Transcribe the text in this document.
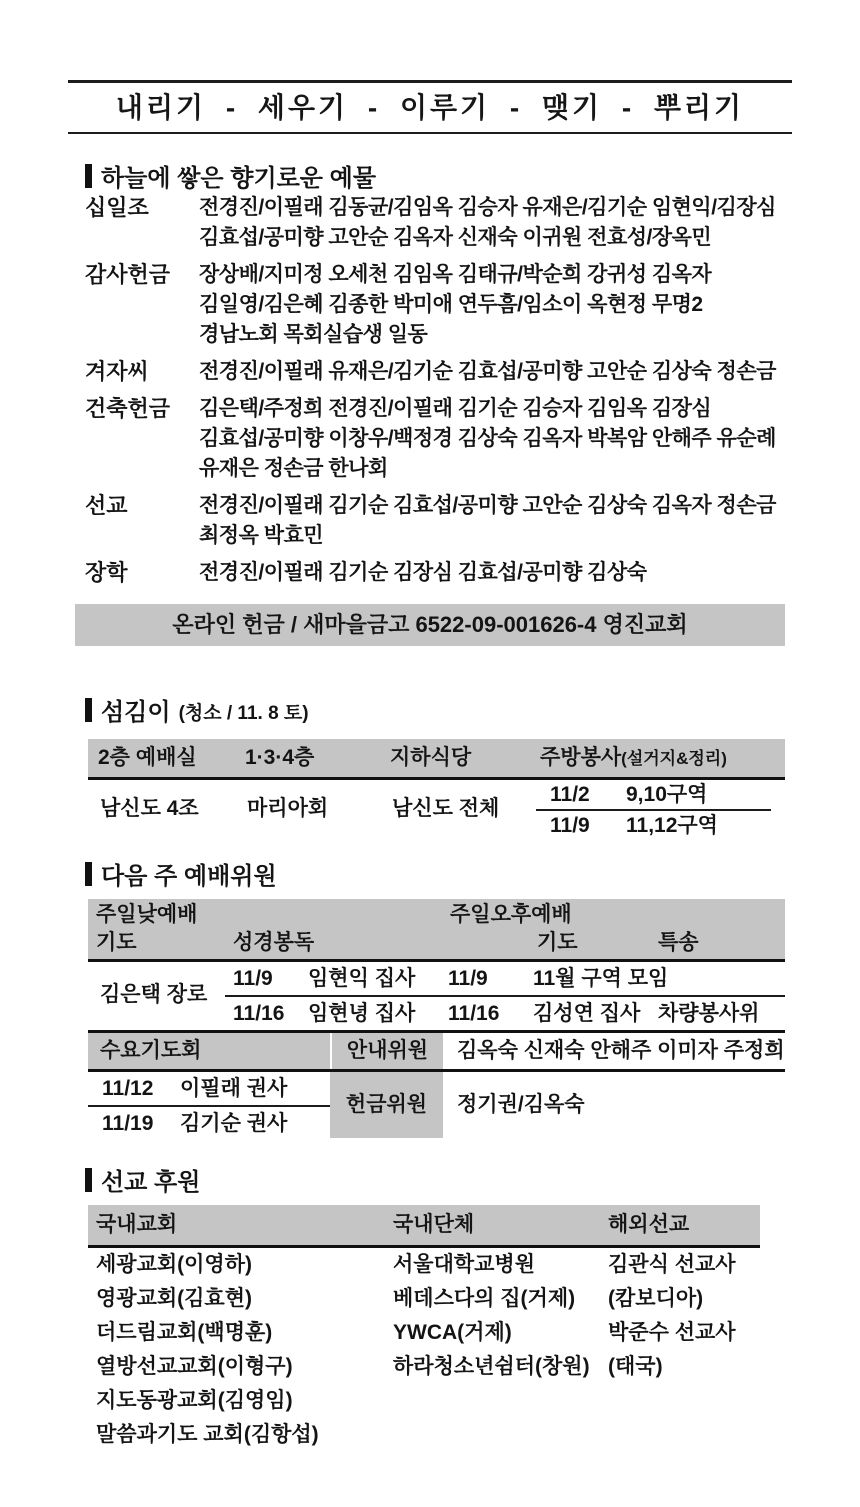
내리기 - 세우기 - 이루기 - 맺기 - 뿌리기
하늘에 쌓은 향기로운 예물
십일조	전경진/이필래 김동균/김임옥 김승자 유재은/김기순 임현익/김장심
김효섭/공미향 고안순 김옥자 신재숙 이귀원 전효성/장옥민
감사헌금	장상배/지미정 오세천 김임옥 김태규/박순희 강귀성 김옥자
김일영/김은혜 김종한 박미애 연두흠/임소이 옥현정 무명2
경남노회 목회실습생 일동
겨자씨	전경진/이필래 유재은/김기순 김효섭/공미향 고안순 김상숙 정손금
건축헌금	김은택/주정희 전경진/이필래 김기순 김승자 김임옥 김장심
김효섭/공미향 이창우/백정경 김상숙 김옥자 박복암 안해주 유순례
유재은 정손금 한나회
선교	전경진/이필래 김기순 김효섭/공미향 고안순 김상숙 김옥자 정손금
최정옥 박효민
장학	전경진/이필래 김기순 김장심 김효섭/공미향 김상숙
온라인 헌금 / 새마을금고 6522-09-001626-4 영진교회
섬김이 (청소 / 11. 8 토)
2층 예배실	1·3·4층	지하식당	주방봉사(설거지&정리)
남신도 4조	마리아회	남신도 전체
11/2	9,10구역
11/9	11,12구역
다음 주 예배위원
주일낮예배	주일오후예배
기도	성경봉독	기도	특송
김은택 장로
11/9	임현익 집사	11/9	11월 구역 모임
11/16	임현녕 집사	11/16	김성연 집사 차량봉사위
수요기도회	안내위원	김옥숙 신재숙 안해주 이미자 주정희
11/12	이필래 권사
11/19	김기순 권사
헌금위원	정기권/김옥숙
선교 후원
국내교회	국내단체	해외선교
세광교회(이영하)	서울대학교병원	김관식 선교사
영광교회(김효현)	베데스다의 집(거제)	(캄보디아)
더드림교회(백명훈)	YWCA(거제)	박준수 선교사
열방선교교회(이형구)	하라청소년쉼터(창원) (태국)
지도동광교회(김영임)
말씀과기도 교회(김항섭)
